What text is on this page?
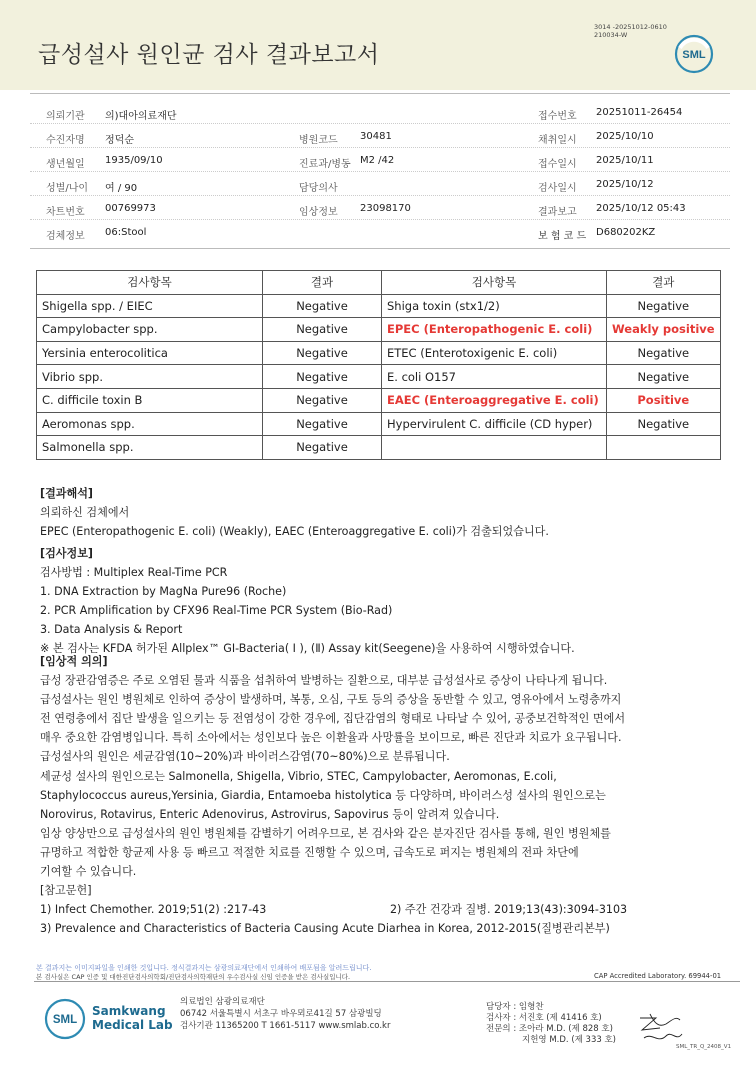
급성설사 원인균 검사 결과보고서
3014 -20251012-0610
210034-W
SML
의뢰기관 의)대아의료재단	접수번호 20251011-26454
수진자명 정덕순	병원코드 30481	채취일시 2025/10/10
생년월일 1935/09/10	진료과/병동 M2 /42	접수일시 2025/10/11
성별/나이 여 / 90	담당의사	검사일시 2025/10/12
차트번호 00769973	임상정보 23098170	결과보고 2025/10/12 05:43
검체정보 06:Stool	보 험 코 드 D680202KZ
검사항목	결과	검사항목	결과
Shigella spp. / EIEC	Negative	Shiga toxin (stx1/2)	Negative
Campylobacter spp.	Negative	EPEC (Enteropathogenic E. coli)	Weakly positive
Yersinia enterocolitica	Negative	ETEC (Enterotoxigenic E. coli)	Negative
Vibrio spp.	Negative	E. coli O157	Negative
C. difficile toxin B	Negative	EAEC (Enteroaggregative E. coli)	Positive
Aeromonas spp.	Negative	Hypervirulent C. difficile (CD hyper)	Negative
Salmonella spp.	Negative		
[결과해석]
의뢰하신 검체에서
EPEC (Enteropathogenic E. coli) (Weakly), EAEC (Enteroaggregative E. coli)가 검출되었습니다.
[검사정보]
검사방법 : Multiplex Real-Time PCR
1. DNA Extraction by MagNa Pure96 (Roche)
2. PCR Amplification by CFX96 Real-Time PCR System (Bio-Rad)
3. Data Analysis & Report
※ 본 검사는 KFDA 허가된 Allplex™ GI-Bacteria( I ), (Ⅱ) Assay kit(Seegene)을 사용하여 시행하였습니다.
[임상적 의의]
급성 장관감염증은 주로 오염된 물과 식품을 섭취하여 발병하는 질환으로, 대부분 급성설사로 증상이 나타나게 됩니다.
급성설사는 원인 병원체로 인하여 증상이 발생하며, 복통, 오심, 구토 등의 증상을 동반할 수 있고, 영유아에서 노령층까지
전 연령층에서 집단 발생을 일으키는 등 전염성이 강한 경우에, 집단감염의 형태로 나타날 수 있어, 공중보건학적인 면에서
매우 중요한 감염병입니다. 특히 소아에서는 성인보다 높은 이환율과 사망률을 보이므로, 빠른 진단과 치료가 요구됩니다.
급성설사의 원인은 세균감염(10~20%)과 바이러스감염(70~80%)으로 분류됩니다.
세균성 설사의 원인으로는 Salmonella, Shigella, Vibrio, STEC, Campylobacter, Aeromonas, E.coli,
Staphylococcus aureus,Yersinia, Giardia, Entamoeba histolytica 등 다양하며, 바이러스성 설사의 원인으로는
Norovirus, Rotavirus, Enteric Adenovirus, Astrovirus, Sapovirus 등이 알려져 있습니다.
임상 양상만으로 급성설사의 원인 병원체를 감별하기 어려우므로, 본 검사와 같은 분자진단 검사를 통해, 원인 병원체를
규명하고 적합한 항균제 사용 등 빠르고 적절한 치료를 진행할 수 있으며, 급속도로 퍼지는 병원체의 전파 차단에
기여할 수 있습니다.
[참고문헌]
1) Infect Chemother. 2019;51(2) :217-43	2) 주간 건강과 질병. 2019;13(43):3094-3103
3) Prevalence and Characteristics of Bacteria Causing Acute Diarhea in Korea, 2012-2015(질병관리본부)
본 결과지는 이미지파일을 인쇄한 것입니다. 정식결과지는 삼광의료재단에서 인쇄하여 배포됨을 알려드립니다.
본 검사실은 CAP 인증 및 대한진단검사의학회/진단검사의학재단의 우수검사실 신임 인증을 받은 검사실입니다.	CAP Accredited Laboratory. 69944-01
SML
Samkwang
Medical Lab
의료법인 삼광의료재단
06742 서울특별시 서초구 바우뫼로41길 57 삼광빌딩
검사기관 11365200 T 1661-5117 www.smlab.co.kr
담당자 : 임형찬
검사자 : 서진호 (제 41416 호)
전문의 : 조아라 M.D. (제 828 호)
지헌영 M.D. (제 333 호)
SML_TR_Q_2408_V1
